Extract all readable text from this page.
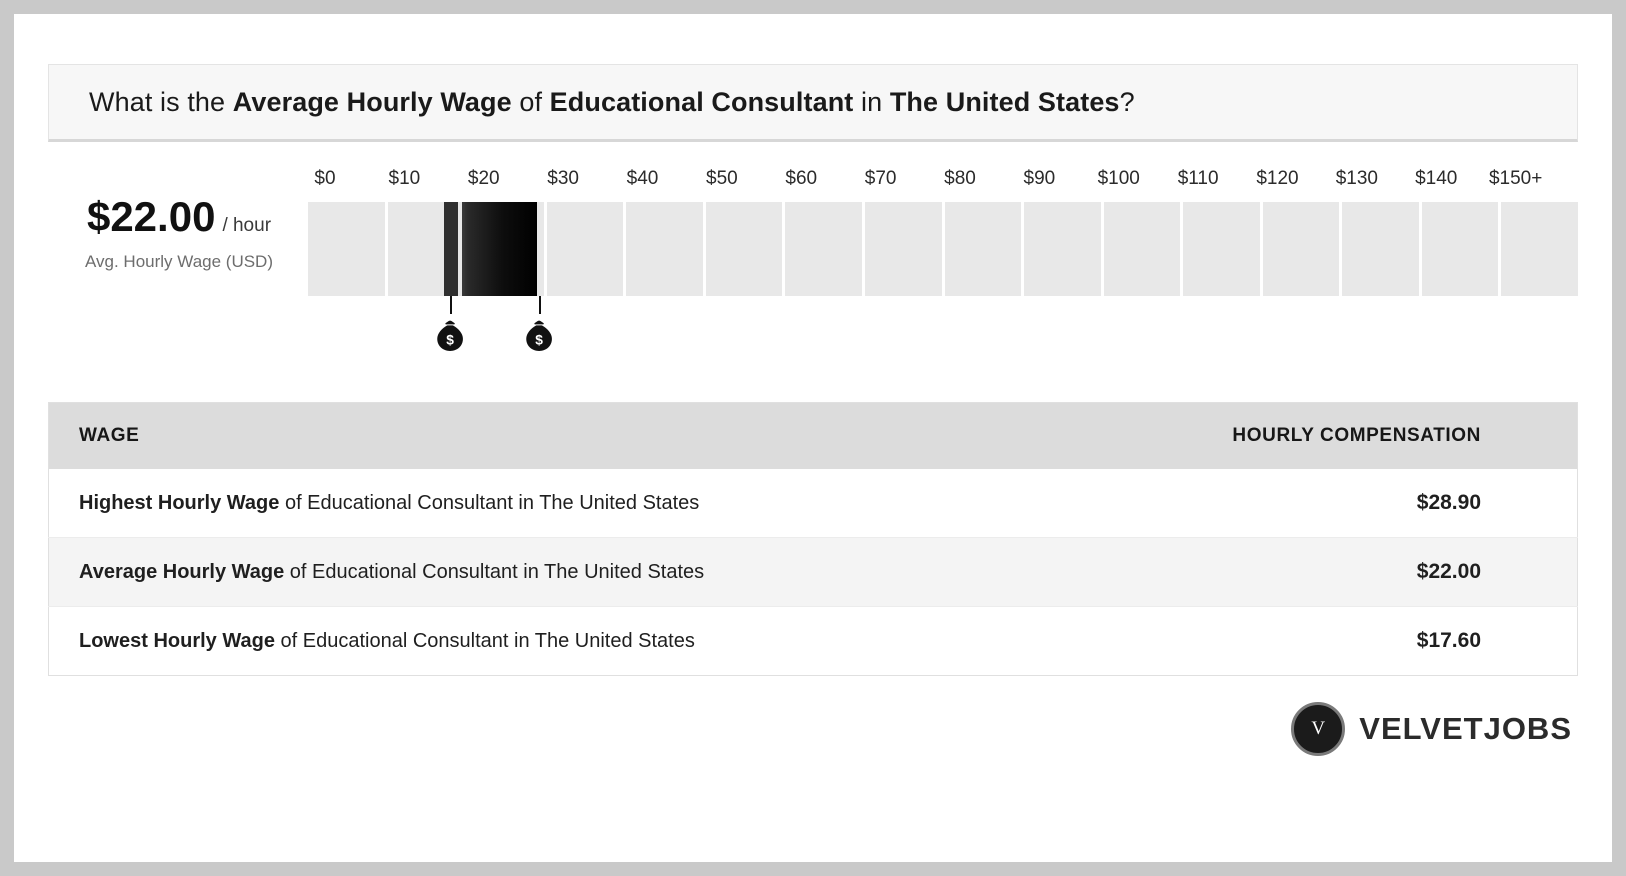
What is the Average Hourly Wage of Educational Consultant in The United States?
$22.00 / hour
Avg. Hourly Wage (USD)
$0	$10	$20	$30	$40	$50	$60	$70	$80	$90 $100 $110 $120 $130 $140 $150+
$	$
WAGE	HOURLY COMPENSATION
Highest Hourly Wage of Educational Consultant in The United States	$28.90
Average Hourly Wage of Educational Consultant in The United States	$22.00
Lowest Hourly Wage of Educational Consultant in The United States	$17.60
V	VELVETJOBS
